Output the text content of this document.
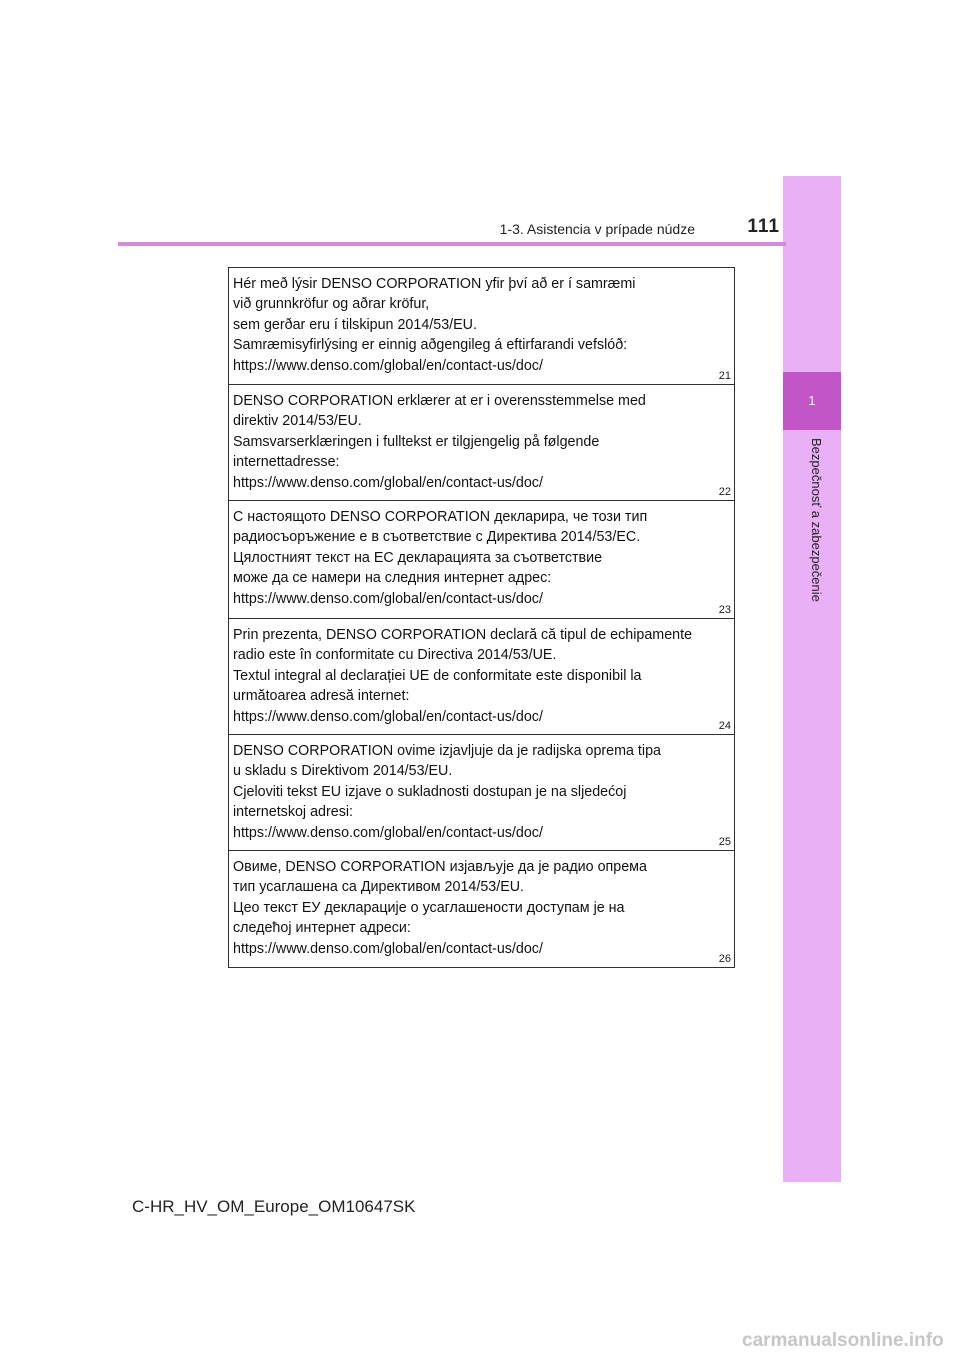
1
Bezpečnosť a zabezpečenie
1-3. Asistencia v prípade núdze	111
Hér með lýsir DENSO CORPORATION yfir því að er í samræmi
við grunnkröfur og aðrar kröfur,
sem gerðar eru í tilskipun 2014/53/EU.
Samræmisyfirlýsing er einnig aðgengileg á eftirfarandi vefslóð:
https://www.denso.com/global/en/contact-us/doc/
21
DENSO CORPORATION erklærer at er i overensstemmelse med
direktiv 2014/53/EU.
Samsvarserklæringen i fulltekst er tilgjengelig på følgende
internettadresse:
https://www.denso.com/global/en/contact-us/doc/
22
С настоящото DENSO CORPORATION декларира, че този тип
радиосъоръжение е в съответствие с Директива 2014/53/ЕС.
Цялостният текст на ЕС декларацията за съответствие
може да се намери на следния интернет адрес:
https://www.denso.com/global/en/contact-us/doc/
23
Prin prezenta, DENSO CORPORATION declară că tipul de echipamente
radio este în conformitate cu Directiva 2014/53/UE.
Textul integral al declarației UE de conformitate este disponibil la
următoarea adresă internet:
https://www.denso.com/global/en/contact-us/doc/
24
DENSO CORPORATION ovime izjavljuje da je radijska oprema tipa
u skladu s Direktivom 2014/53/EU.
Cjeloviti tekst EU izjave o sukladnosti dostupan je na sljedećoj
internetskoj adresi:
https://www.denso.com/global/en/contact-us/doc/
25
Овиме, DENSO CORPORATION изјављује да је радио опрема
тип усаглашена са Директивом 2014/53/EU.
Цео текст ЕУ декларације о усаглашености доступам је на
следећој интернет адреси:
https://www.denso.com/global/en/contact-us/doc/
26
C-HR_HV_OM_Europe_OM10647SK
carmanualsonline.info
